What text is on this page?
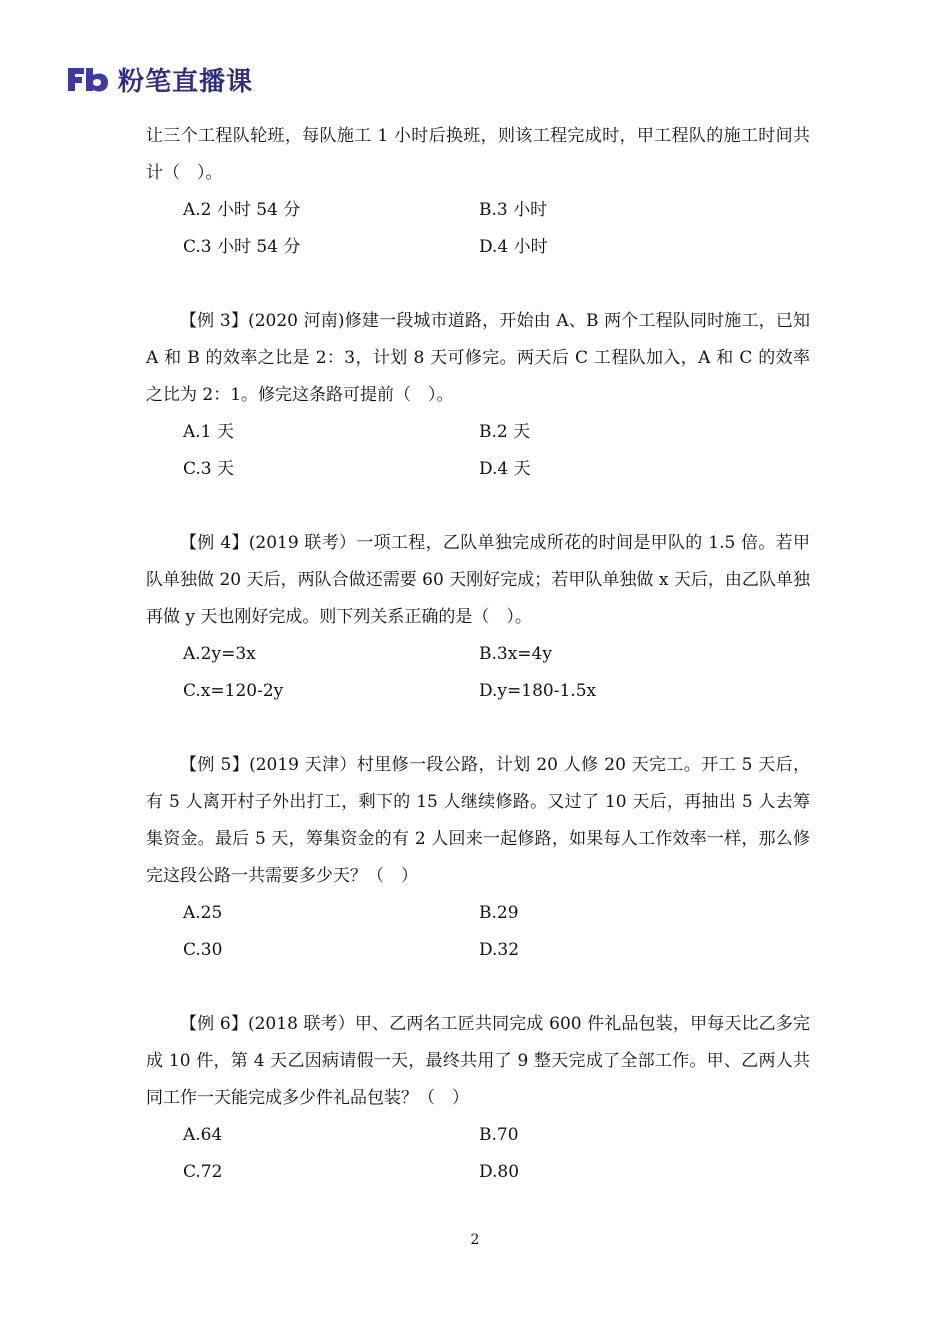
粉笔直播课
让三个工程队轮班，每队施工 1 小时后换班，则该工程完成时，甲工程队的施工时间共计（　）。
A.2 小时 54 分	B.3 小时
C.3 小时 54 分	D.4 小时
【例 3】(2020 河南)修建一段城市道路，开始由 A、B 两个工程队同时施工，已知 A 和 B 的效率之比是 2：3，计划 8 天可修完。两天后 C 工程队加入，A 和 C 的效率之比为 2：1。修完这条路可提前（　）。
A.1 天	B.2 天
C.3 天	D.4 天
【例 4】(2019 联考）一项工程，乙队单独完成所花的时间是甲队的 1.5 倍。若甲队单独做 20 天后，两队合做还需要 60 天刚好完成；若甲队单独做 x 天后，由乙队单独再做 y 天也刚好完成。则下列关系正确的是（　）。
A.2y=3x	B.3x=4y
C.x=120-2y	D.y=180-1.5x
【例 5】(2019 天津）村里修一段公路，计划 20 人修 20 天完工。开工 5 天后，有 5 人离开村子外出打工，剩下的 15 人继续修路。又过了 10 天后，再抽出 5 人去筹集资金。最后 5 天，筹集资金的有 2 人回来一起修路，如果每人工作效率一样，那么修完这段公路一共需要多少天？（　）
A.25	B.29
C.30	D.32
【例 6】(2018 联考）甲、乙两名工匠共同完成 600 件礼品包装，甲每天比乙多完成 10 件，第 4 天乙因病请假一天，最终共用了 9 整天完成了全部工作。甲、乙两人共同工作一天能完成多少件礼品包装？（　）
A.64	B.70
C.72	D.80
2
